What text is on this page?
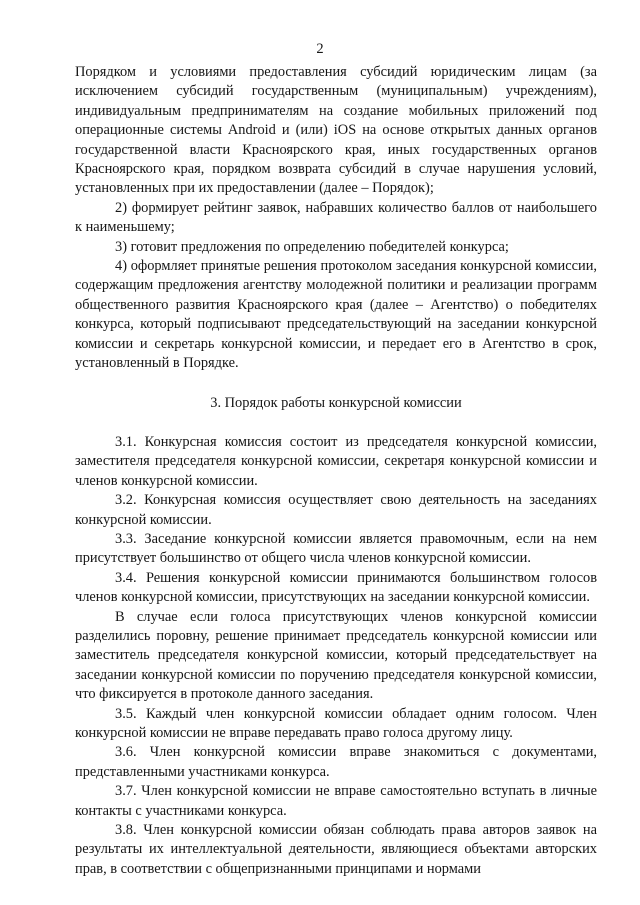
2

Порядком и условиями предоставления субсидий юридическим лицам (за исключением субсидий государственным (муниципальным) учреждениям), индивидуальным предпринимателям на создание мобильных приложений под операционные системы Android и (или) iOS на основе открытых данных органов государственной власти Красноярского края, иных государственных органов Красноярского края, порядком возврата субсидий в случае нарушения условий, установленных при их предоставлении (далее – Порядок);

2) формирует рейтинг заявок, набравших количество баллов от наибольшего к наименьшему;

3) готовит предложения по определению победителей конкурса;

4) оформляет принятые решения протоколом заседания конкурсной комиссии, содержащим предложения агентству молодежной политики и реализации программ общественного развития Красноярского края (далее – Агентство) о победителях конкурса, который подписывают председательствующий на заседании конкурсной комиссии и секретарь конкурсной комиссии, и передает его в Агентство в срок, установленный в Порядке.

3. Порядок работы конкурсной комиссии

3.1. Конкурсная комиссия состоит из председателя конкурсной комиссии, заместителя председателя конкурсной комиссии, секретаря конкурсной комиссии и членов конкурсной комиссии.

3.2. Конкурсная комиссия осуществляет свою деятельность на заседаниях конкурсной комиссии.

3.3. Заседание конкурсной комиссии является правомочным, если на нем присутствует большинство от общего числа членов конкурсной комиссии.

3.4. Решения конкурсной комиссии принимаются большинством голосов членов конкурсной комиссии, присутствующих на заседании конкурсной комиссии.

В случае если голоса присутствующих членов конкурсной комиссии разделились поровну, решение принимает председатель конкурсной комиссии или заместитель председателя конкурсной комиссии, который председательствует на заседании конкурсной комиссии по поручению председателя конкурсной комиссии, что фиксируется в протоколе данного заседания.

3.5. Каждый член конкурсной комиссии обладает одним голосом. Член конкурсной комиссии не вправе передавать право голоса другому лицу.

3.6. Член конкурсной комиссии вправе знакомиться с документами, представленными участниками конкурса.

3.7. Член конкурсной комиссии не вправе самостоятельно вступать в личные контакты с участниками конкурса.

3.8. Член конкурсной комиссии обязан соблюдать права авторов заявок на результаты их интеллектуальной деятельности, являющиеся объектами авторских прав, в соответствии с общепризнанными принципами и нормами
